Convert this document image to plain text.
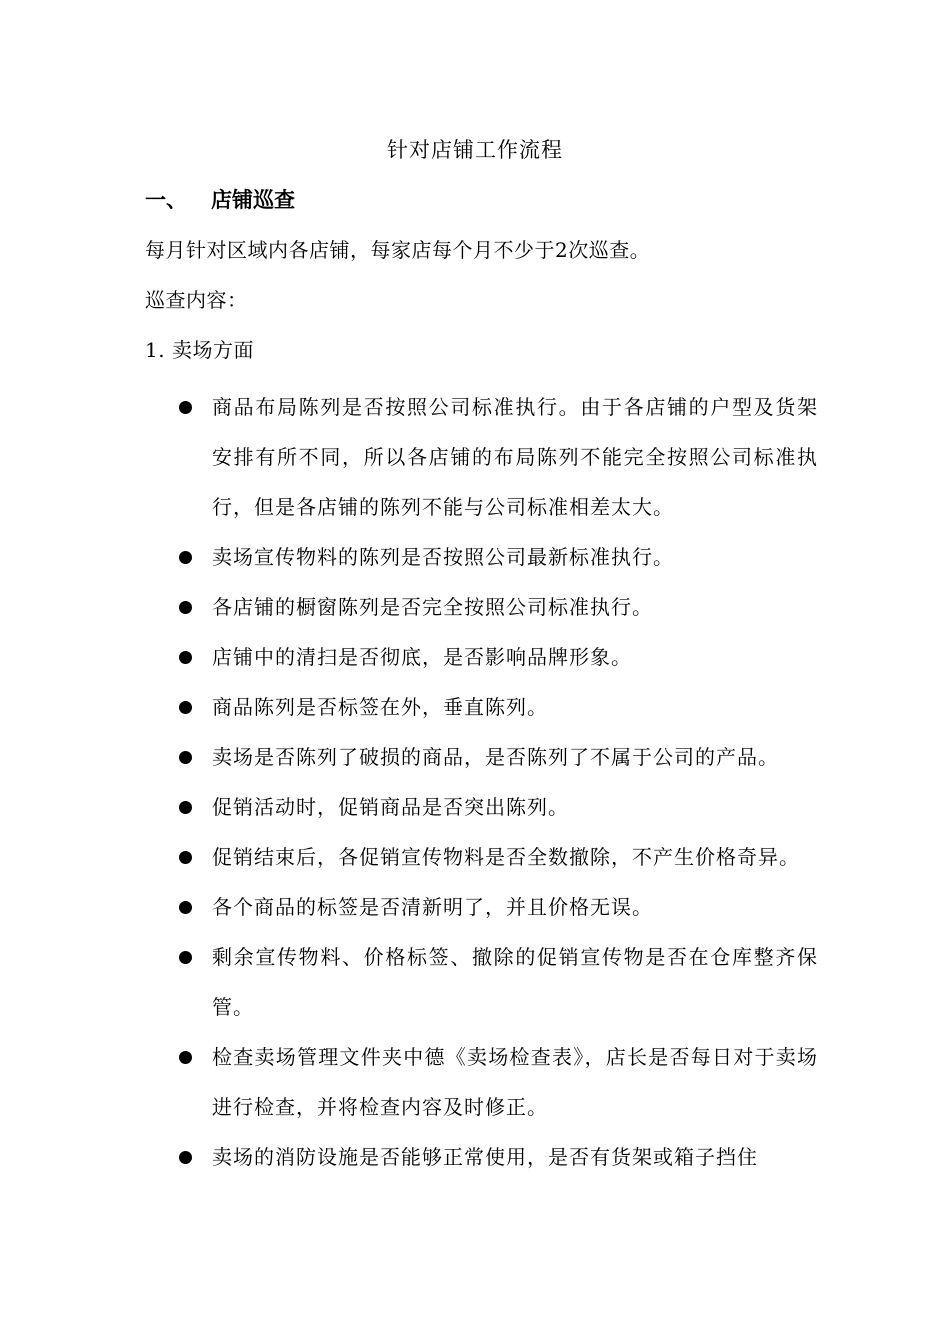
针对店铺工作流程
一、 店铺巡查
每月针对区域内各店铺，每家店每个月不少于2次巡查。
巡查内容：
1. 卖场方面
商品布局陈列是否按照公司标准执行。由于各店铺的户型及货架安排有所不同，所以各店铺的布局陈列不能完全按照公司标准执行，但是各店铺的陈列不能与公司标准相差太大。
卖场宣传物料的陈列是否按照公司最新标准执行。
各店铺的橱窗陈列是否完全按照公司标准执行。
店铺中的清扫是否彻底，是否影响品牌形象。
商品陈列是否标签在外，垂直陈列。
卖场是否陈列了破损的商品，是否陈列了不属于公司的产品。
促销活动时，促销商品是否突出陈列。
促销结束后，各促销宣传物料是否全数撤除，不产生价格奇异。
各个商品的标签是否清新明了，并且价格无误。
剩余宣传物料、价格标签、撤除的促销宣传物是否在仓库整齐保管。
检查卖场管理文件夹中德《卖场检查表》，店长是否每日对于卖场进行检查，并将检查内容及时修正。
卖场的消防设施是否能够正常使用，是否有货架或箱子挡住
